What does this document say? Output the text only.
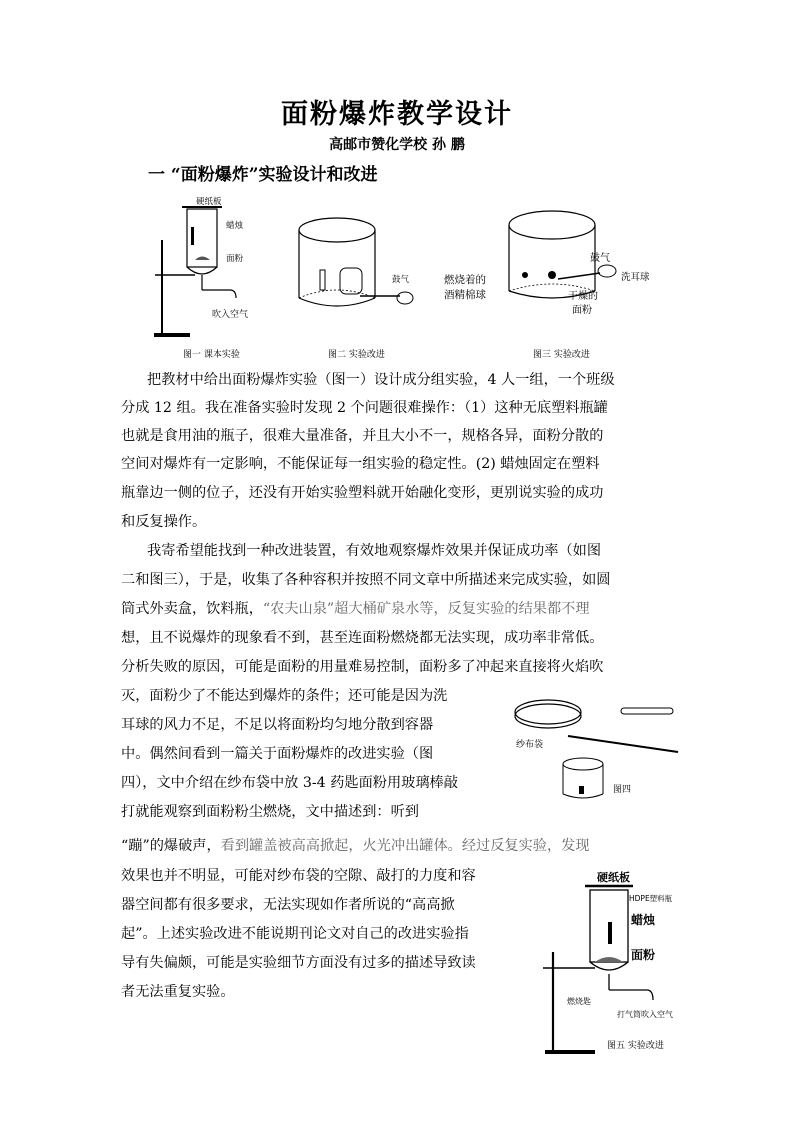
面粉爆炸教学设计
高邮市赞化学校 孙 鹏
一 “面粉爆炸”实验设计和改进
硬纸板
蜡烛
面粉
吹入空气
图一 课本实验
鼓气
图二 实验改进
鼓气
洗耳球
燃烧着的
酒精棉球	干燥的
面粉
图三 实验改进
把教材中给出面粉爆炸实验（图一）设计成分组实验，4 人一组，一个班级
分成 12 组。我在准备实验时发现 2 个问题很难操作：（1）这种无底塑料瓶罐
也就是食用油的瓶子，很难大量准备，并且大小不一，规格各异，面粉分散的
空间对爆炸有一定影响，不能保证每一组实验的稳定性。(2) 蜡烛固定在塑料
瓶靠边一侧的位子，还没有开始实验塑料就开始融化变形，更别说实验的成功
和反复操作。
我寄希望能找到一种改进装置，有效地观察爆炸效果并保证成功率（如图
二和图三），于是，收集了各种容积并按照不同文章中所描述来完成实验，如圆
筒式外卖盒，饮料瓶，“农夫山泉”超大桶矿泉水等，反复实验的结果都不理
想，且不说爆炸的现象看不到，甚至连面粉燃烧都无法实现，成功率非常低。
分析失败的原因，可能是面粉的用量难易控制，面粉多了冲起来直接将火焰吹
灭，面粉少了不能达到爆炸的条件；还可能是因为洗
耳球的风力不足，不足以将面粉均匀地分散到容器
中。偶然间看到一篇关于面粉爆炸的改进实验（图
四），文中介绍在纱布袋中放 3-4 药匙面粉用玻璃棒敲
打就能观察到面粉粉尘燃烧，文中描述到：听到
“蹦”的爆破声，看到罐盖被高高掀起，火光冲出罐体。经过反复实验，发现
效果也并不明显，可能对纱布袋的空隙、敲打的力度和容
器空间都有很多要求，无法实现如作者所说的“高高掀
起”。上述实验改进不能说期刊论文对自己的改进实验指
导有失偏颇，可能是实验细节方面没有过多的描述导致读
者无法重复实验。
纱布袋
图四
硬纸板
HDPE塑料瓶
蜡烛
面粉
燃烧匙
打气筒吹入空气
图五 实验改进
